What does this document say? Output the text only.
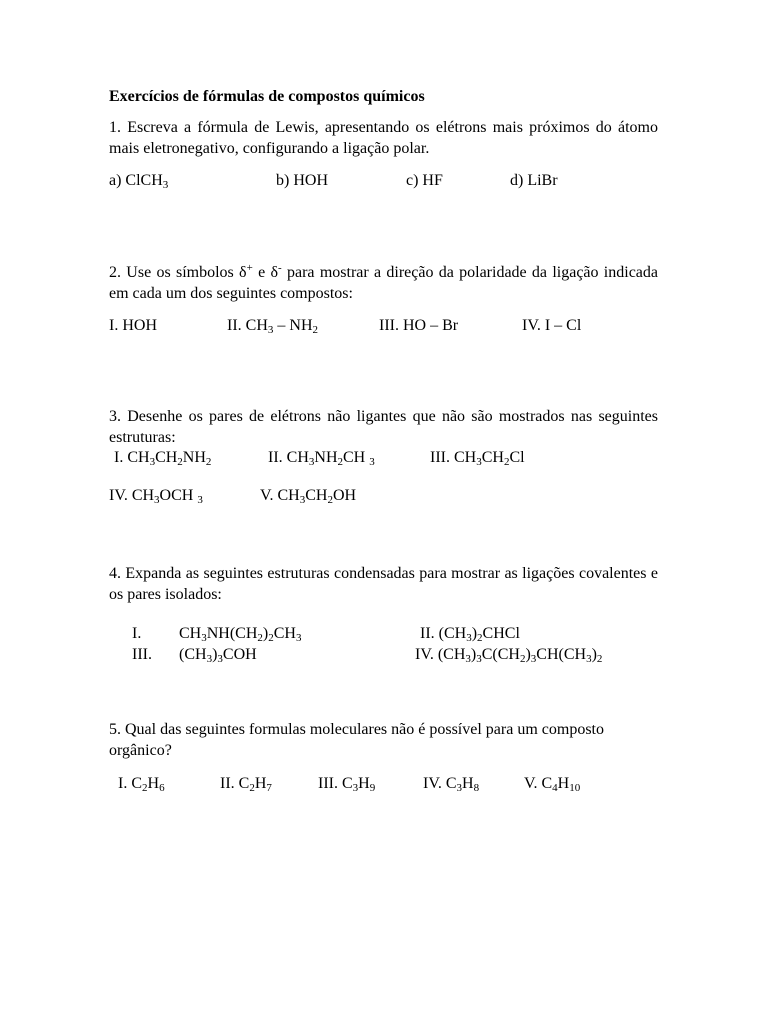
Exercícios de fórmulas de compostos químicos
1. Escreva a fórmula de Lewis, apresentando os elétrons mais próximos do átomo mais eletronegativo, configurando a ligação polar.
a) ClCH$_3$	b) HOH	c) HF	d) LiBr
2. Use os símbolos δ+ e δ- para mostrar a direção da polaridade da ligação indicada em cada um dos seguintes compostos:
I. HOH	II. $CH_3 - NH_2$	III. HO – Br	IV. I – Cl
3. Desenhe os pares de elétrons não ligantes que não são mostrados nas seguintes estruturas:
I. $CH_3CH_2NH_2$	II. $CH_3NH_2CH$ $_3$	III. $CH_3CH_2Cl$
IV. $CH_3OCH$ $_3$	V. $CH_3CH_2OH$
4. Expanda as seguintes estruturas condensadas para mostrar as ligações covalentes e os pares isolados:
I. $CH_3NH(CH_2)_2CH_3$	II. $(CH_3)_2CHCl$
III. $(CH_3)_3COH$	IV. $(CH_3)_3C(CH_2)_3CH(CH_3)_2$
5. Qual das seguintes formulas moleculares não é possível para um composto orgânico?
I. $C_2H_6$	II. $C_2H_7$	III. $C_3H_9$	IV. $C_3H_8$	V. $C_4H_{10}$
